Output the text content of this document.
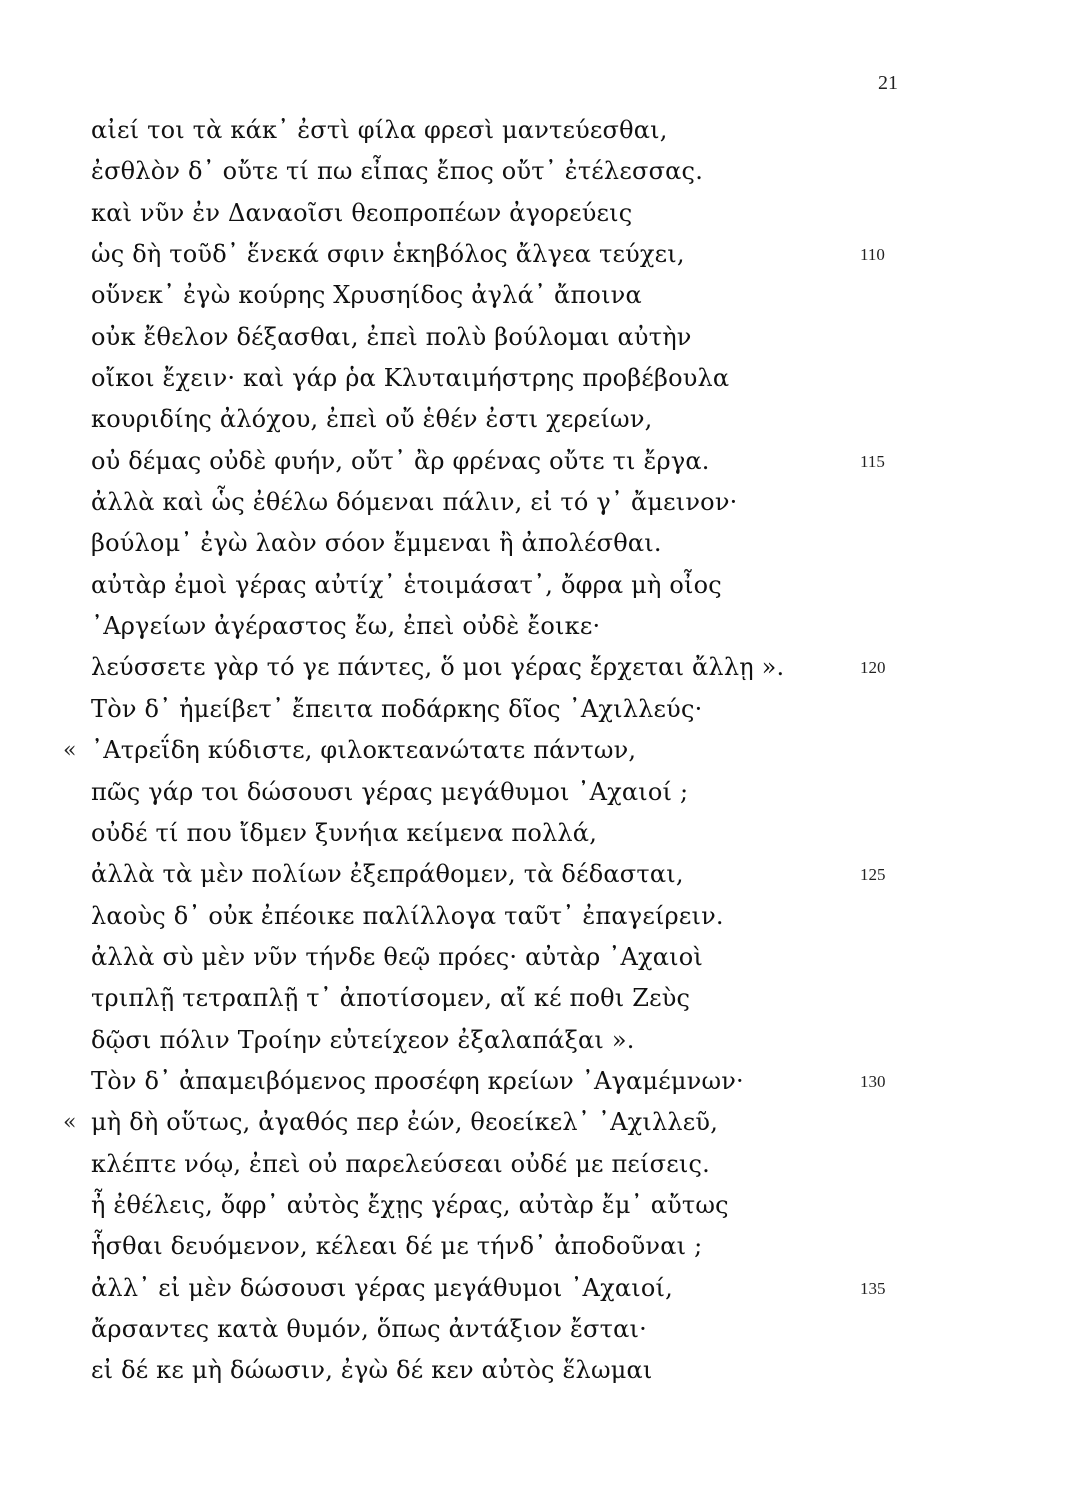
21
αἰεί τοι τὰ κάκ᾽ ἐστὶ φίλα φρεσὶ μαντεύεσθαι,
ἐσθλὸν δ᾽ οὔτε τί πω εἶπας ἔπος οὔτ᾽ ἐτέλεσσας.
καὶ νῦν ἐν Δαναοῖσι θεοπροπέων ἀγορεύεις
ὡς δὴ τοῦδ᾽ ἕνεκά σφιν ἑκηβόλος ἄλγεα τεύχει,	110
οὕνεκ᾽ ἐγὼ κούρης Χρυσηίδος ἀγλά᾽ ἄποινα
οὐκ ἔθελον δέξασθαι, ἐπεὶ πολὺ βούλομαι αὐτὴν
οἴκοι ἔχειν· καὶ γάρ ῥα Κλυταιμήστρης προβέβουλα
κουριδίης ἀλόχου, ἐπεὶ οὔ ἑθέν ἐστι χερείων,
οὐ δέμας οὐδὲ φυήν, οὔτ᾽ ἂρ φρένας οὔτε τι ἔργα.	115
ἀλλὰ καὶ ὧς ἐθέλω δόμεναι πάλιν, εἰ τό γ᾽ ἄμεινον·
βούλομ᾽ ἐγὼ λαὸν σόον ἔμμεναι ἢ ἀπολέσθαι.
αὐτὰρ ἐμοὶ γέρας αὐτίχ᾽ ἑτοιμάσατ᾽, ὄφρα μὴ οἶος
᾽Αργείων ἀγέραστος ἔω, ἐπεὶ οὐδὲ ἔοικε·
λεύσσετε γὰρ τό γε πάντες, ὅ μοι γέρας ἔρχεται ἄλλῃ ».	120
Τὸν δ᾽ ἠμείβετ᾽ ἔπειτα ποδάρκης δῖος ᾽Αχιλλεύς·
« ᾽Ατρεΐδη κύδιστε, φιλοκτεανώτατε πάντων,
πῶς γάρ τοι δώσουσι γέρας μεγάθυμοι ᾽Αχαιοί ;
οὐδέ τί που ἴδμεν ξυνήια κείμενα πολλά,
ἀλλὰ τὰ μὲν πολίων ἐξεπράθομεν, τὰ δέδασται,	125
λαοὺς δ᾽ οὐκ ἐπέοικε παλίλλογα ταῦτ᾽ ἐπαγείρειν.
ἀλλὰ σὺ μὲν νῦν τήνδε θεῷ πρόες· αὐτὰρ ᾽Αχαιοὶ
τριπλῇ τετραπλῇ τ᾽ ἀποτίσομεν, αἴ κέ ποθι Ζεὺς
δῷσι πόλιν Τροίην εὐτείχεον ἐξαλαπάξαι ».
Τὸν δ᾽ ἀπαμειβόμενος προσέφη κρείων ᾽Αγαμέμνων·	130
« μὴ δὴ οὕτως, ἀγαθός περ ἐών, θεοείκελ᾽ ᾽Αχιλλεῦ,
κλέπτε νόῳ, ἐπεὶ οὐ παρελεύσεαι οὐδέ με πείσεις.
ἦ ἐθέλεις, ὄφρ᾽ αὐτὸς ἔχῃς γέρας, αὐτὰρ ἔμ᾽ αὔτως
ἧσθαι δευόμενον, κέλεαι δέ με τήνδ᾽ ἀποδοῦναι ;
ἀλλ᾽ εἰ μὲν δώσουσι γέρας μεγάθυμοι ᾽Αχαιοί,	135
ἄρσαντες κατὰ θυμόν, ὅπως ἀντάξιον ἔσται·
εἰ δέ κε μὴ δώωσιν, ἐγὼ δέ κεν αὐτὸς ἕλωμαι
